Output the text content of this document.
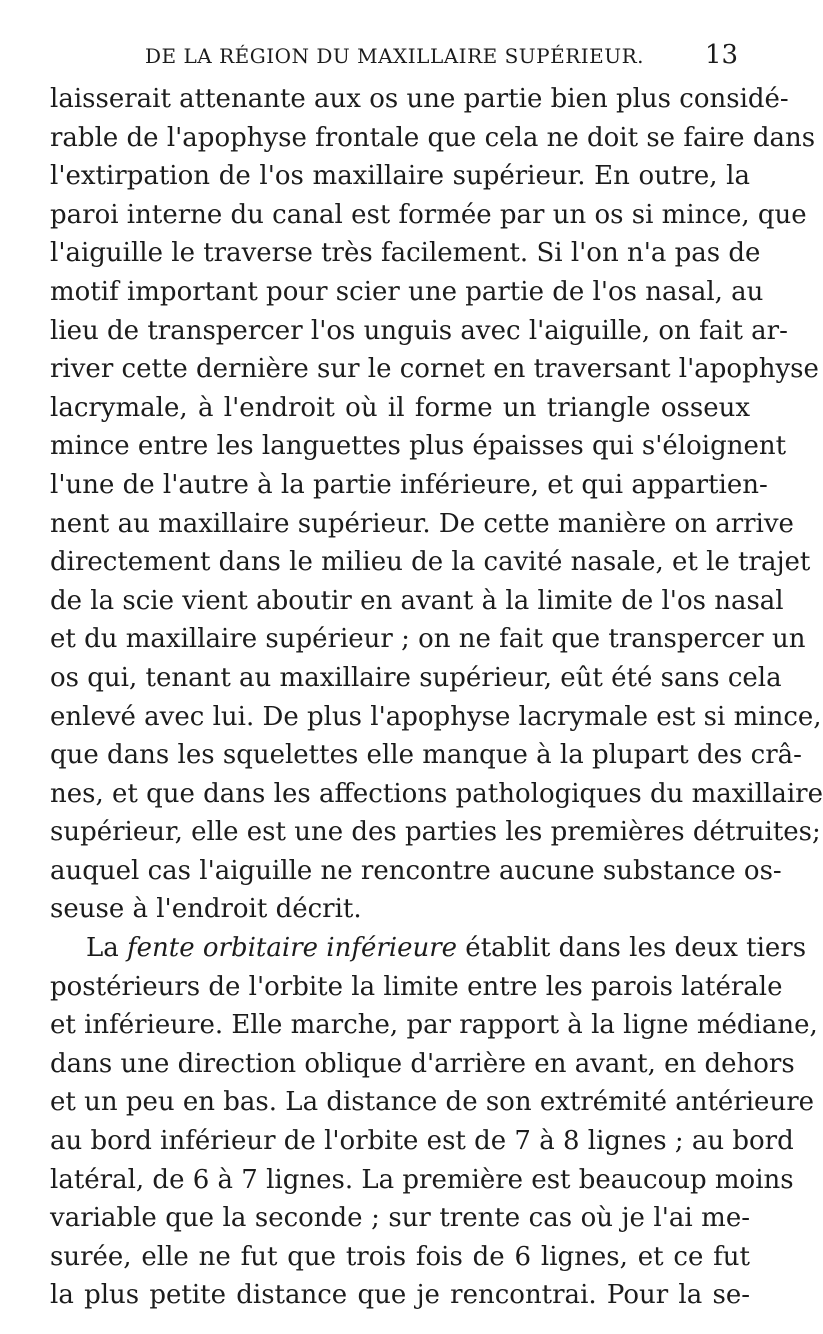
DE LA RÉGION DU MAXILLAIRE SUPÉRIEUR. 13
laisserait attenante aux os une partie bien plus considé-
rable de l'apophyse frontale que cela ne doit se faire dans
l'extirpation de l'os maxillaire supérieur. En outre, la
paroi interne du canal est formée par un os si mince, que
l'aiguille le traverse très facilement. Si l'on n'a pas de
motif important pour scier une partie de l'os nasal, au
lieu de transpercer l'os unguis avec l'aiguille, on fait ar-
river cette dernière sur le cornet en traversant l'apophyse
lacrymale, à l'endroit où il forme un triangle osseux
mince entre les languettes plus épaisses qui s'éloignent
l'une de l'autre à la partie inférieure, et qui appartien-
nent au maxillaire supérieur. De cette manière on arrive
directement dans le milieu de la cavité nasale, et le trajet
de la scie vient aboutir en avant à la limite de l'os nasal
et du maxillaire supérieur ; on ne fait que transpercer un
os qui, tenant au maxillaire supérieur, eût été sans cela
enlevé avec lui. De plus l'apophyse lacrymale est si mince,
que dans les squelettes elle manque à la plupart des crâ-
nes, et que dans les affections pathologiques du maxillaire
supérieur, elle est une des parties les premières détruites;
auquel cas l'aiguille ne rencontre aucune substance os-
seuse à l'endroit décrit.
La fente orbitaire inférieure établit dans les deux tiers
postérieurs de l'orbite la limite entre les parois latérale
et inférieure. Elle marche, par rapport à la ligne médiane,
dans une direction oblique d'arrière en avant, en dehors
et un peu en bas. La distance de son extrémité antérieure
au bord inférieur de l'orbite est de 7 à 8 lignes ; au bord
latéral, de 6 à 7 lignes. La première est beaucoup moins
variable que la seconde ; sur trente cas où je l'ai me-
surée, elle ne fut que trois fois de 6 lignes, et ce fut
la plus petite distance que je rencontrai. Pour la se-
